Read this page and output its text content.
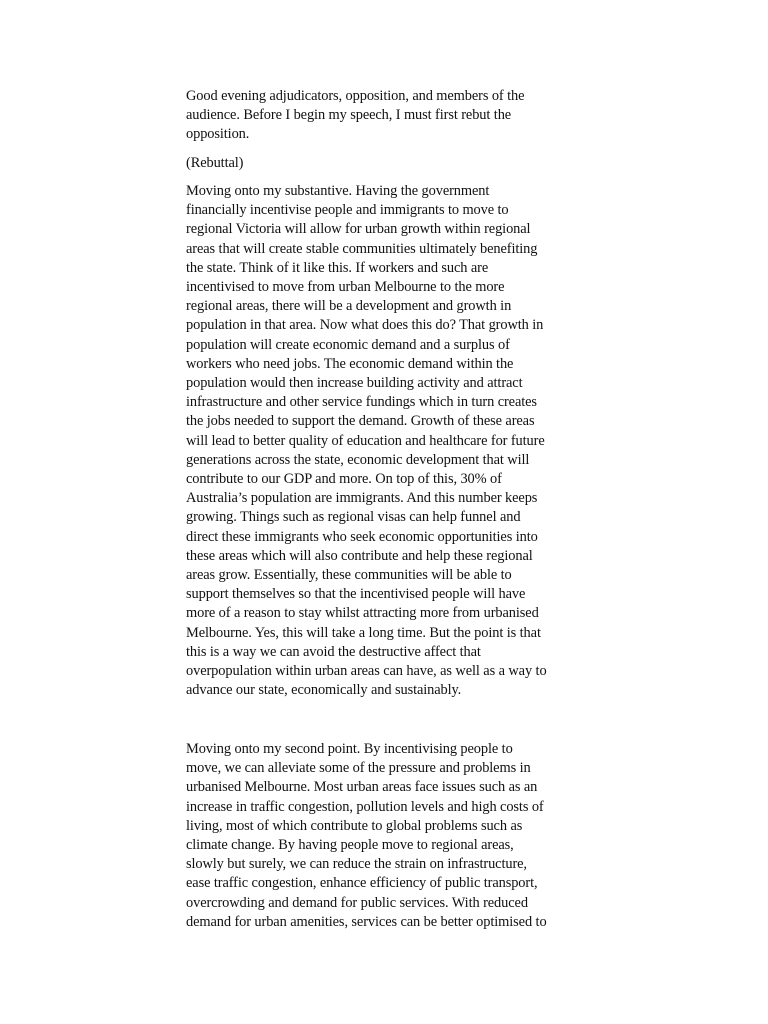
Good evening adjudicators, opposition, and members of the
audience. Before I begin my speech, I must first rebut the
opposition.

(Rebuttal)

Moving onto my substantive. Having the government
financially incentivise people and immigrants to move to
regional Victoria will allow for urban growth within regional
areas that will create stable communities ultimately benefiting
the state. Think of it like this. If workers and such are
incentivised to move from urban Melbourne to the more
regional areas, there will be a development and growth in
population in that area. Now what does this do? That growth in
population will create economic demand and a surplus of
workers who need jobs. The economic demand within the
population would then increase building activity and attract
infrastructure and other service fundings which in turn creates
the jobs needed to support the demand. Growth of these areas
will lead to better quality of education and healthcare for future
generations across the state, economic development that will
contribute to our GDP and more. On top of this, 30% of
Australia’s population are immigrants. And this number keeps
growing. Things such as regional visas can help funnel and
direct these immigrants who seek economic opportunities into
these areas which will also contribute and help these regional
areas grow. Essentially, these communities will be able to
support themselves so that the incentivised people will have
more of a reason to stay whilst attracting more from urbanised
Melbourne. Yes, this will take a long time. But the point is that
this is a way we can avoid the destructive affect that
overpopulation within urban areas can have, as well as a way to
advance our state, economically and sustainably.

Moving onto my second point. By incentivising people to
move, we can alleviate some of the pressure and problems in
urbanised Melbourne. Most urban areas face issues such as an
increase in traffic congestion, pollution levels and high costs of
living, most of which contribute to global problems such as
climate change. By having people move to regional areas,
slowly but surely, we can reduce the strain on infrastructure,
ease traffic congestion, enhance efficiency of public transport,
overcrowding and demand for public services. With reduced
demand for urban amenities, services can be better optimised to
